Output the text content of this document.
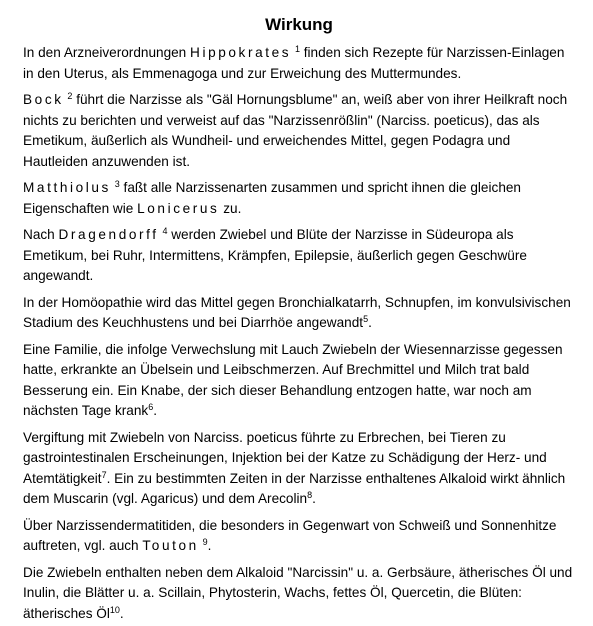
Wirkung

In den Arzneiverordnungen Hippokrates $^1$ finden sich Rezepte für Narzissen-Einlagen in den Uterus, als Emmenagoga und zur Erweichung des Muttermundes.

Bock $^2$ führt die Narzisse als "Gäl Hornungsblume" an, weiß aber von ihrer Heilkraft noch nichts zu berichten und verweist auf das "Narzissenrößlin" (Narciss. poeticus), das als Emetikum, äußerlich als Wundheil- und erweichendes Mittel, gegen Podagra und Hautleiden anzuwenden ist.

Matthiolus $^3$ faßt alle Narzissenarten zusammen und spricht ihnen die gleichen Eigenschaften wie Lonicerus zu.

Nach Dragendorff $^4$ werden Zwiebel und Blüte der Narzisse in Südeuropa als Emetikum, bei Ruhr, Intermittens, Krämpfen, Epilepsie, äußerlich gegen Geschwüre angewandt.

In der Homöopathie wird das Mittel gegen Bronchialkatarrh, Schnupfen, im konvulsivischen Stadium des Keuchhustens und bei Diarrhöe angewandt$^5$.

Eine Familie, die infolge Verwechslung mit Lauch Zwiebeln der Wiesennarzisse gegessen hatte, erkrankte an Übelsein und Leibschmerzen. Auf Brechmittel und Milch trat bald Besserung ein. Ein Knabe, der sich dieser Behandlung entzogen hatte, war noch am nächsten Tage krank$^6$.

Vergiftung mit Zwiebeln von Narciss. poeticus führte zu Erbrechen, bei Tieren zu gastrointestinalen Erscheinungen, Injektion bei der Katze zu Schädigung der Herz- und Atemtätigkeit$^7$. Ein zu bestimmten Zeiten in der Narzisse enthaltenes Alkaloid wirkt ähnlich dem Muscarin (vgl. Agaricus) und dem Arecolin$^8$.

Über Narzissendermatitiden, die besonders in Gegenwart von Schweiß und Sonnenhitze auftreten, vgl. auch Touton $^9$.

Die Zwiebeln enthalten neben dem Alkaloid "Narcissin" u. a. Gerbsäure, ätherisches Öl und Inulin, die Blätter u. a. Scillain, Phytosterin, Wachs, fettes Öl, Quercetin, die Blüten: ätherisches $Öl^{10}$.
